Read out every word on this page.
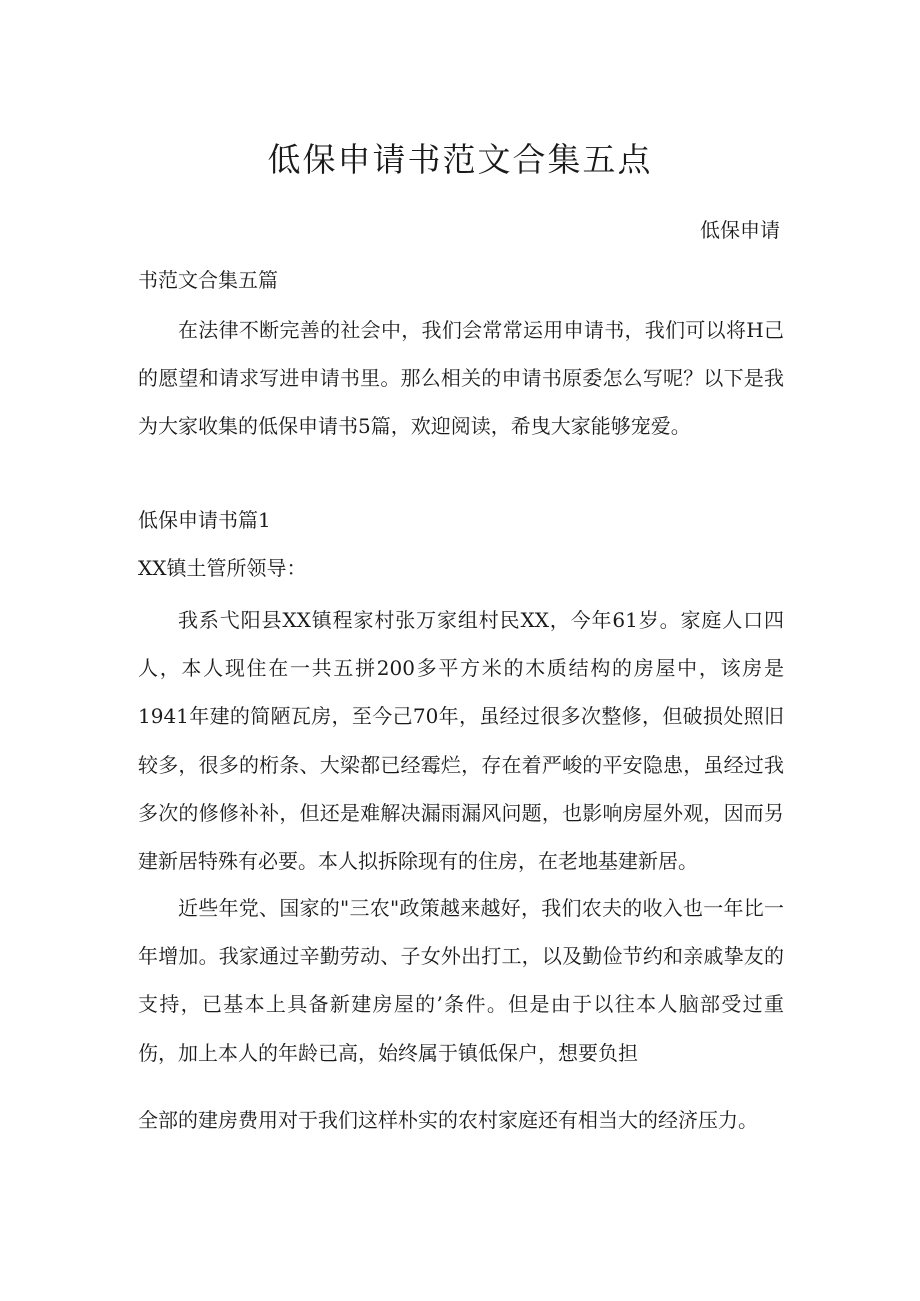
低保申请书范文合集五点
低保申请
书范文合集五篇

在法律不断完善的社会中，我们会常常运用申请书，我们可以将H己的愿望和请求写进申请书里。那么相关的申请书原委怎么写呢？以下是我为大家收集的低保申请书5篇，欢迎阅读，希曳大家能够宠爱。

低保申请书篇1
XX镇土管所领导：

我系弋阳县XX镇程家村张万家组村民XX，今年61岁。家庭人口四人，本人现住在一共五拼200多平方米的木质结构的房屋中，该房是1941年建的简陋瓦房，至今己70年，虽经过很多次整修，但破损处照旧较多，很多的桁条、大梁都已经霉烂，存在着严峻的平安隐患，虽经过我多次的修修补补，但还是难解决漏雨漏风问题，也影响房屋外观，因而另建新居特殊有必要。本人拟拆除现有的住房，在老地基建新居。

近些年党、国家的"三农"政策越来越好，我们农夫的收入也一年比一年增加。我家通过辛勤劳动、子女外出打工，以及勤俭节约和亲戚挚友的支持，已基本上具备新建房屋的’条件。但是由于以往本人脑部受过重伤，加上本人的年龄已高，始终属于镇低保户，想要负担

全部的建房费用对于我们这样朴实的农村家庭还有相当大的经济压力。
